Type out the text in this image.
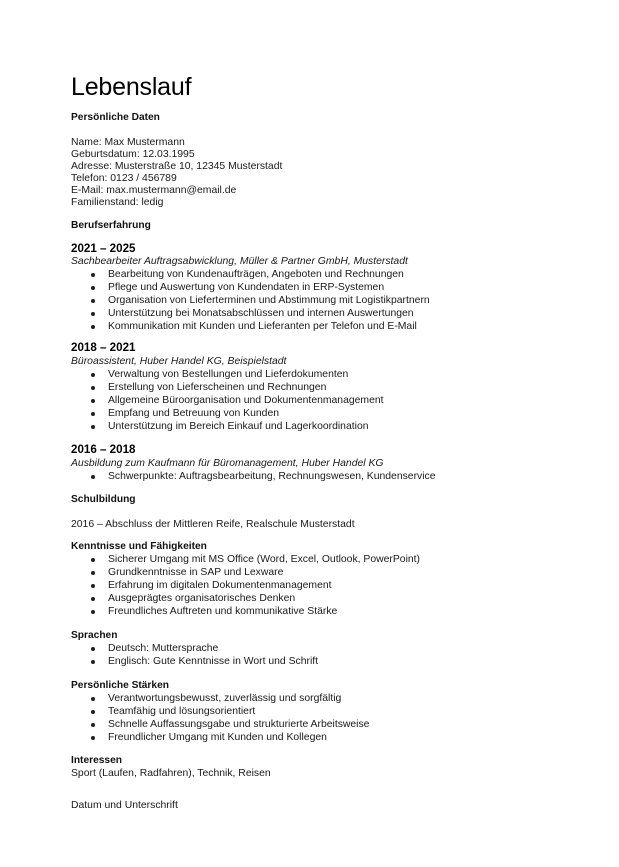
Lebenslauf
Persönliche Daten
Name: Max Mustermann
Geburtsdatum: 12.03.1995
Adresse: Musterstraße 10, 12345 Musterstadt
Telefon: 0123 / 456789
E-Mail: max.mustermann@email.de
Familienstand: ledig
Berufserfahrung
2021 – 2025
Sachbearbeiter Auftragsabwicklung, Müller & Partner GmbH, Musterstadt
Bearbeitung von Kundenaufträgen, Angeboten und Rechnungen
Pflege und Auswertung von Kundendaten in ERP-Systemen
Organisation von Lieferterminen und Abstimmung mit Logistikpartnern
Unterstützung bei Monatsabschlüssen und internen Auswertungen
Kommunikation mit Kunden und Lieferanten per Telefon und E-Mail
2018 – 2021
Büroassistent, Huber Handel KG, Beispielstadt
Verwaltung von Bestellungen und Lieferdokumenten
Erstellung von Lieferscheinen und Rechnungen
Allgemeine Büroorganisation und Dokumentenmanagement
Empfang und Betreuung von Kunden
Unterstützung im Bereich Einkauf und Lagerkoordination
2016 – 2018
Ausbildung zum Kaufmann für Büromanagement, Huber Handel KG
Schwerpunkte: Auftragsbearbeitung, Rechnungswesen, Kundenservice
Schulbildung
2016 – Abschluss der Mittleren Reife, Realschule Musterstadt
Kenntnisse und Fähigkeiten
Sicherer Umgang mit MS Office (Word, Excel, Outlook, PowerPoint)
Grundkenntnisse in SAP und Lexware
Erfahrung im digitalen Dokumentenmanagement
Ausgeprägtes organisatorisches Denken
Freundliches Auftreten und kommunikative Stärke
Sprachen
Deutsch: Muttersprache
Englisch: Gute Kenntnisse in Wort und Schrift
Persönliche Stärken
Verantwortungsbewusst, zuverlässig und sorgfältig
Teamfähig und lösungsorientiert
Schnelle Auffassungsgabe und strukturierte Arbeitsweise
Freundlicher Umgang mit Kunden und Kollegen
Interessen
Sport (Laufen, Radfahren), Technik, Reisen
Datum und Unterschrift
